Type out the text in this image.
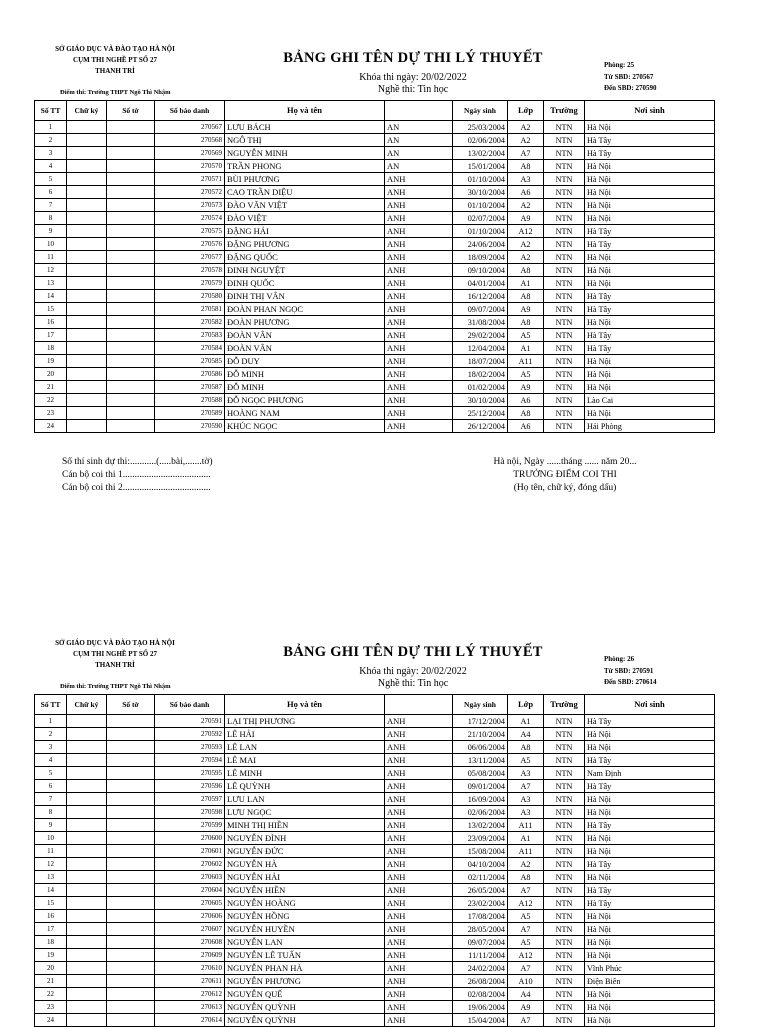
SỞ GIÁO DỤC VÀ ĐÀO TẠO HÀ NỘI
CỤM THI NGHỀ PT SỐ 27
THANH TRÌ
Điểm thi: Trường THPT Ngô Thì Nhậm
BẢNG GHI TÊN DỰ THI LÝ THUYẾT
Khóa thi ngày: 20/02/2022
Nghề thi: Tin học
Phòng: 25
Từ SBD: 270567
Đến SBD: 270590
Số TT	Chữ ký	Số tờ	Số báo danh	Họ và tên		Ngày sinh	Lớp	Trường	Nơi sinh
1			270567	LƯU BÁCH	AN	25/03/2004	A2	NTN	Hà Nội
2			270568	NGÔ THỊ	AN	02/06/2004	A2	NTN	Hà Tây
3			270569	NGUYỄN MINH	AN	13/02/2004	A7	NTN	Hà Tây
4			270570	TRẦN PHONG	AN	15/01/2004	A8	NTN	Hà Nội
5			270571	BÙI PHƯƠNG	ANH	01/10/2004	A3	NTN	Hà Nội
6			270572	CAO TRẦN DIỆU	ANH	30/10/2004	A6	NTN	Hà Nội
7			270573	ĐÀO VĂN VIỆT	ANH	01/10/2004	A2	NTN	Hà Nội
8			270574	ĐÀO VIỆT	ANH	02/07/2004	A9	NTN	Hà Nội
9			270575	ĐẶNG HẢI	ANH	01/10/2004	A12	NTN	Hà Tây
10			270576	ĐẶNG PHƯƠNG	ANH	24/06/2004	A2	NTN	Hà Tây
11			270577	ĐẶNG QUỐC	ANH	18/09/2004	A2	NTN	Hà Nội
12			270578	ĐINH NGUYỆT	ANH	09/10/2004	A8	NTN	Hà Nội
13			270579	ĐINH QUỐC	ANH	04/01/2004	A1	NTN	Hà Nội
14			270580	ĐINH THỊ VÂN	ANH	16/12/2004	A8	NTN	Hà Tây
15			270581	ĐOÀN PHAN NGỌC	ANH	09/07/2004	A9	NTN	Hà Tây
16			270582	ĐOÀN PHƯƠNG	ANH	31/08/2004	A8	NTN	Hà Nội
17			270583	ĐOÀN VÂN	ANH	29/02/2004	A5	NTN	Hà Tây
18			270584	ĐOÀN VÂN	ANH	12/04/2004	A1	NTN	Hà Tây
19			270585	ĐỖ DUY	ANH	18/07/2004	A11	NTN	Hà Nội
20			270586	ĐỖ MINH	ANH	18/02/2004	A5	NTN	Hà Nội
21			270587	ĐỖ MINH	ANH	01/02/2004	A9	NTN	Hà Nội
22			270588	ĐỖ NGỌC PHƯƠNG	ANH	30/10/2004	A6	NTN	Lào Cai
23			270589	HOÀNG NAM	ANH	25/12/2004	A8	NTN	Hà Nội
24			270590	KHÚC NGỌC	ANH	26/12/2004	A6	NTN	Hải Phòng
Số thí sinh dự thi:...........(.....bài,.......tờ)
Cán bộ coi thi 1.....................................
Cán bộ coi thi 2.....................................
Hà nội, Ngày ......tháng ...... năm 20...
TRƯỞNG ĐIỂM COI THI
(Họ tên, chữ ký, đóng dấu)
SỞ GIÁO DỤC VÀ ĐÀO TẠO HÀ NỘI
CỤM THI NGHỀ PT SỐ 27
THANH TRÌ
Điểm thi: Trường THPT Ngô Thì Nhậm
BẢNG GHI TÊN DỰ THI LÝ THUYẾT
Khóa thi ngày: 20/02/2022
Nghề thi: Tin học
Phòng: 26
Từ SBD: 270591
Đến SBD: 270614
Số TT	Chữ ký	Số tờ	Số báo danh	Họ và tên		Ngày sinh	Lớp	Trường	Nơi sinh
1			270591	LẠI THỊ PHƯƠNG	ANH	17/12/2004	A1	NTN	Hà Tây
2			270592	LÊ HẢI	ANH	21/10/2004	A4	NTN	Hà Nội
3			270593	LÊ LAN	ANH	06/06/2004	A8	NTN	Hà Nội
4			270594	LÊ MAI	ANH	13/11/2004	A5	NTN	Hà Tây
5			270595	LÊ MINH	ANH	05/08/2004	A3	NTN	Nam Định
6			270596	LÊ QUỲNH	ANH	09/01/2004	A7	NTN	Hà Tây
7			270597	LƯU LAN	ANH	16/09/2004	A3	NTN	Hà Nội
8			270598	LƯU NGỌC	ANH	02/06/2004	A3	NTN	Hà Nội
9			270599	MINH THỊ HIỀN	ANH	13/02/2004	A11	NTN	Hà Tây
10			270600	NGUYỄN ĐÌNH	ANH	23/09/2004	A1	NTN	Hà Nội
11			270601	NGUYỄN ĐỨC	ANH	15/08/2004	A11	NTN	Hà Nội
12			270602	NGUYỄN HÀ	ANH	04/10/2004	A2	NTN	Hà Tây
13			270603	NGUYỄN HẢI	ANH	02/11/2004	A8	NTN	Hà Nội
14			270604	NGUYỄN HIỀN	ANH	26/05/2004	A7	NTN	Hà Tây
15			270605	NGUYỄN HOÀNG	ANH	23/02/2004	A12	NTN	Hà Tây
16			270606	NGUYỄN HỒNG	ANH	17/08/2004	A5	NTN	Hà Nội
17			270607	NGUYỄN HUYỀN	ANH	28/05/2004	A7	NTN	Hà Nội
18			270608	NGUYỄN LAN	ANH	09/07/2004	A5	NTN	Hà Nội
19			270609	NGUYỄN LÊ TUẤN	ANH	11/11/2004	A12	NTN	Hà Nội
20			270610	NGUYỄN PHAN HÀ	ANH	24/02/2004	A7	NTN	Vĩnh Phúc
21			270611	NGUYỄN PHƯƠNG	ANH	26/08/2004	A10	NTN	Điện Biên
22			270612	NGUYỄN QUẾ	ANH	02/08/2004	A4	NTN	Hà Nội
23			270613	NGUYỄN QUỲNH	ANH	19/06/2004	A9	NTN	Hà Nội
24			270614	NGUYỄN QUỲNH	ANH	15/04/2004	A7	NTN	Hà Nội
